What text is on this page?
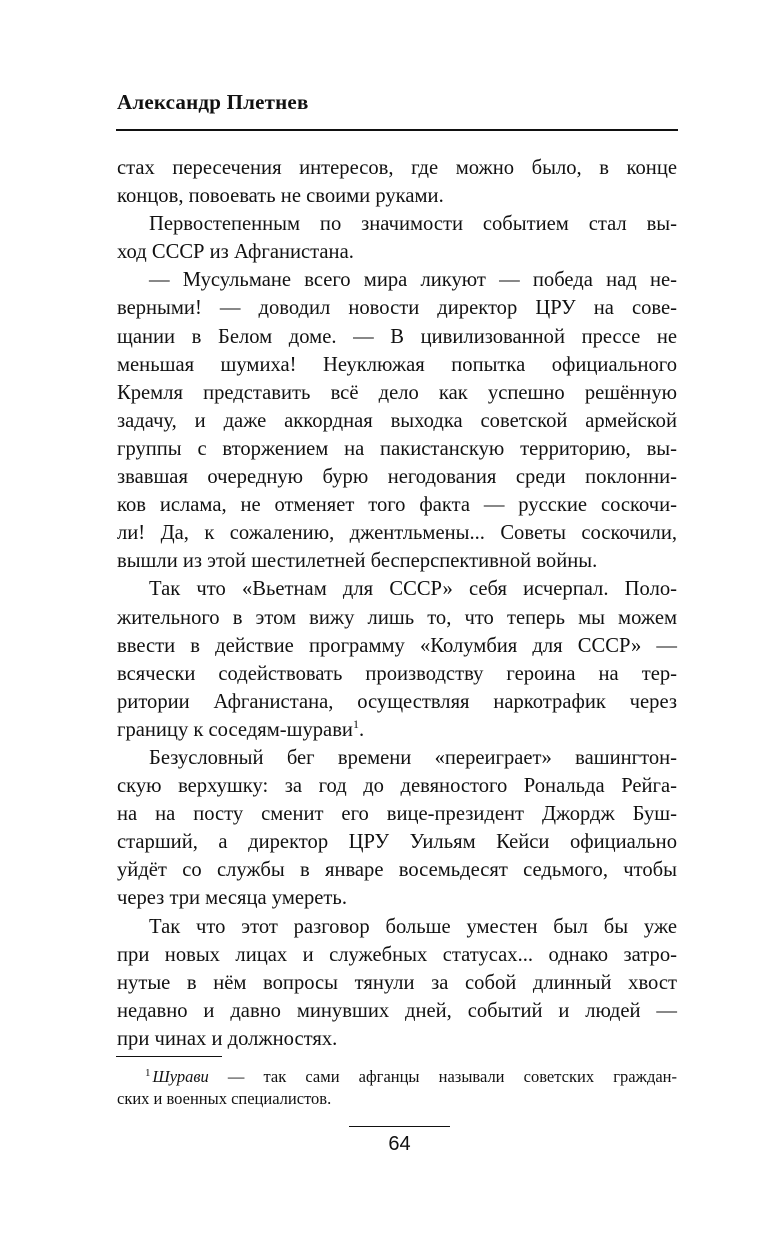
Александр Плетнев
стах пересечения интересов, где можно было, в конце
концов, повоевать не своими руками.
Первостепенным по значимости событием стал вы-
ход СССР из Афганистана.
— Мусульмане всего мира ликуют — победа над не-
верными! — доводил новости директор ЦРУ на сове-
щании в Белом доме. — В цивилизованной прессе не
меньшая шумиха! Неуклюжая попытка официального
Кремля представить всё дело как успешно решённую
задачу, и даже аккордная выходка советской армейской
группы с вторжением на пакистанскую территорию, вы-
звавшая очередную бурю негодования среди поклонни-
ков ислама, не отменяет того факта — русские соскочи-
ли! Да, к сожалению, джентльмены... Советы соскочили,
вышли из этой шестилетней бесперспективной войны.
Так что «Вьетнам для СССР» себя исчерпал. Поло-
жительного в этом вижу лишь то, что теперь мы можем
ввести в действие программу «Колумбия для СССР» —
всячески содействовать производству героина на тер-
ритории Афганистана, осуществляя наркотрафик через
границу к соседям-шурави$^1$.
Безусловный бег времени «переиграет» вашингтон-
скую верхушку: за год до девяностого Рональда Рейга-
на на посту сменит его вице-президент Джордж Буш-
старший, а директор ЦРУ Уильям Кейси официально
уйдёт со службы в январе восемьдесят седьмого, чтобы
через три месяца умереть.
Так что этот разговор больше уместен был бы уже
при новых лицах и служебных статусах... однако затро-
нутые в нём вопросы тянули за собой длинный хвост
недавно и давно минувших дней, событий и людей —
при чинах и должностях.
$^1$ Шурави — так сами афганцы называли советских граждан-
ских и военных специалистов.
64
